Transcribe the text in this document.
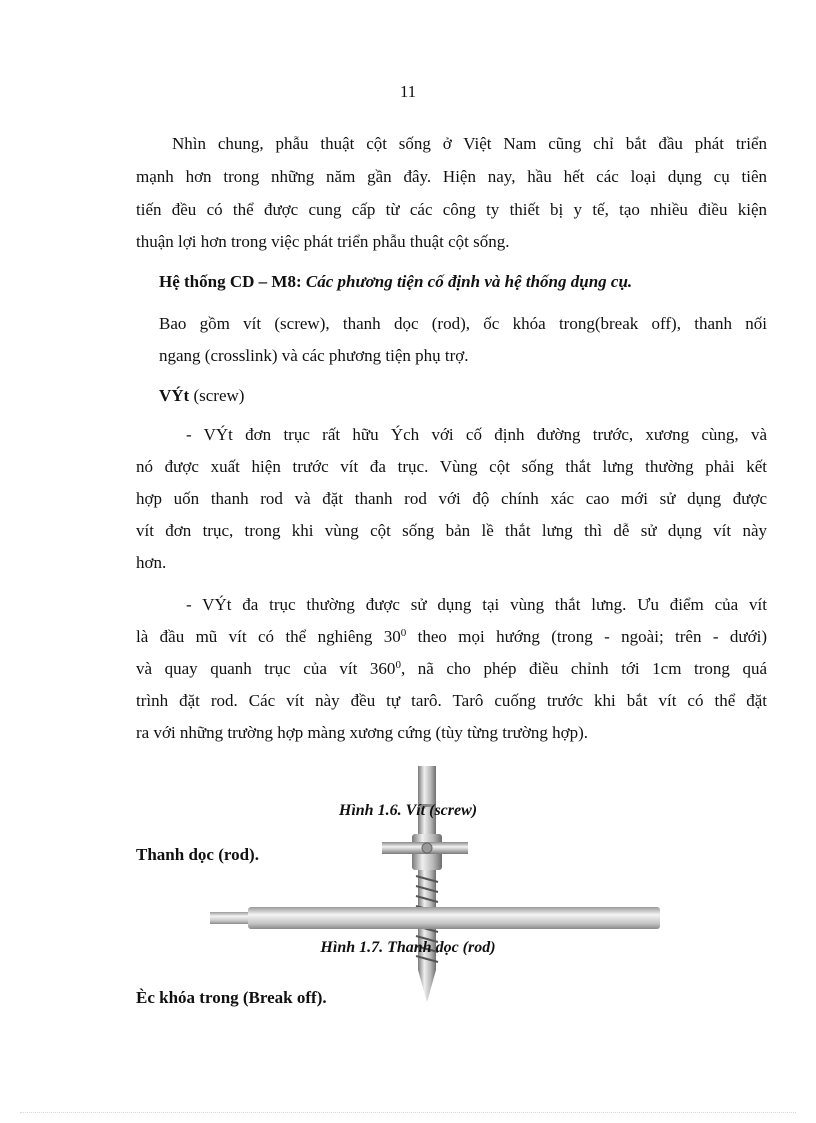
11
Nhìn chung, phẫu thuật cột sống ở Việt Nam cũng chỉ bắt đầu phát triển
mạnh hơn trong những năm gần đây. Hiện nay, hầu hết các loại dụng cụ tiên
tiến đều có thể được cung cấp từ các công ty thiết bị y tế, tạo nhiều điều kiện
thuận lợi hơn trong việc phát triển phẫu thuật cột sống.
Hệ thống CD – M8: Các phương tiện cố định và hệ thống dụng cụ.
Bao gồm vít (screw), thanh dọc (rod), ốc khóa trong(break off), thanh nối
ngang (crosslink) và các phương tiện phụ trợ.
VÝt (screw)
- VÝt đơn trục rất hữu Ých với cố định đường trước, xương cùng, và
nó được xuất hiện trước vít đa trục. Vùng cột sống thắt lưng thường phải kết
hợp uốn thanh rod và đặt thanh rod với độ chính xác cao mới sử dụng được
vít đơn trục, trong khi vùng cột sống bản lề thắt lưng thì dễ sử dụng vít này
hơn.
- VÝt đa trục thường được sử dụng tại vùng thắt lưng. Ưu điểm của vít
là đầu mũ vít có thể nghiêng $30^0$ theo mọi hướng (trong - ngoài; trên - dưới)
và quay quanh trục của vít $360^0$, nã cho phép điều chỉnh tới 1cm trong quá
trình đặt rod. Các vít này đều tự tarô. Tarô cuống trước khi bắt vít có thể đặt
ra với những trường hợp màng xương cứng (tùy từng trường hợp).
Hình 1.6. Vít (screw)
Thanh dọc (rod).
Hình 1.7. Thanh dọc (rod)
Èc khóa trong (Break off).
